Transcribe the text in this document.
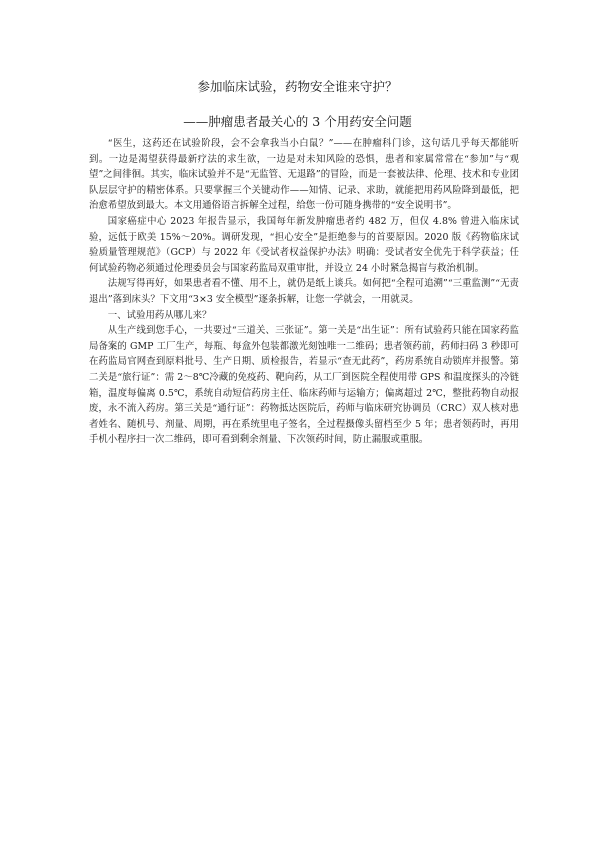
参加临床试验，药物安全谁来守护？
——肿瘤患者最关心的 3 个用药安全问题

“医生，这药还在试验阶段，会不会拿我当小白鼠？”——在肿瘤科门诊，这句话几乎每天都能听到。一边是渴望获得最新疗法的求生欲，一边是对未知风险的恐惧，患者和家属常常在“参加”与“观望”之间徘徊。其实，临床试验并不是“无监管、无退路”的冒险，而是一套被法律、伦理、技术和专业团队层层守护的精密体系。只要掌握三个关键动作——知情、记录、求助，就能把用药风险降到最低，把治愈希望放到最大。本文用通俗语言拆解全过程，给您一份可随身携带的“安全说明书”。

国家癌症中心 2023 年报告显示，我国每年新发肿瘤患者约 482 万，但仅 4.8% 曾进入临床试验，远低于欧美 15%～20%。调研发现，“担心安全”是拒绝参与的首要原因。2020 版《药物临床试验质量管理规范》（GCP）与 2022 年《受试者权益保护办法》明确：受试者安全优先于科学获益；任何试验药物必须通过伦理委员会与国家药监局双重审批，并设立 24 小时紧急揭盲与救治机制。

法规写得再好，如果患者看不懂、用不上，就仍是纸上谈兵。如何把“全程可追溯”“三重监测”“无责退出”落到床头？下文用“3×3 安全模型”逐条拆解，让您一学就会，一用就灵。

一、试验用药从哪儿来？

从生产线到您手心，一共要过“三道关、三张证”。第一关是“出生证”：所有试验药只能在国家药监局备案的 GMP 工厂生产，每瓶、每盒外包装都激光刻蚀唯一二维码；患者领药前，药师扫码 3 秒即可在药监局官网查到原料批号、生产日期、质检报告，若显示“查无此药”，药房系统自动锁库并报警。第二关是“旅行证”：需 2～8℃冷藏的免疫药、靶向药，从工厂到医院全程使用带 GPS 和温度探头的冷链箱，温度每偏离 0.5℃，系统自动短信药房主任、临床药师与运输方；偏离超过 2℃，整批药物自动报废，永不流入药房。第三关是“通行证”：药物抵达医院后，药师与临床研究协调员（CRC）双人核对患者姓名、随机号、剂量、周期，再在系统里电子签名，全过程摄像头留档至少 5 年；患者领药时，再用手机小程序扫一次二维码，即可看到剩余剂量、下次领药时间，防止漏服或重服。
